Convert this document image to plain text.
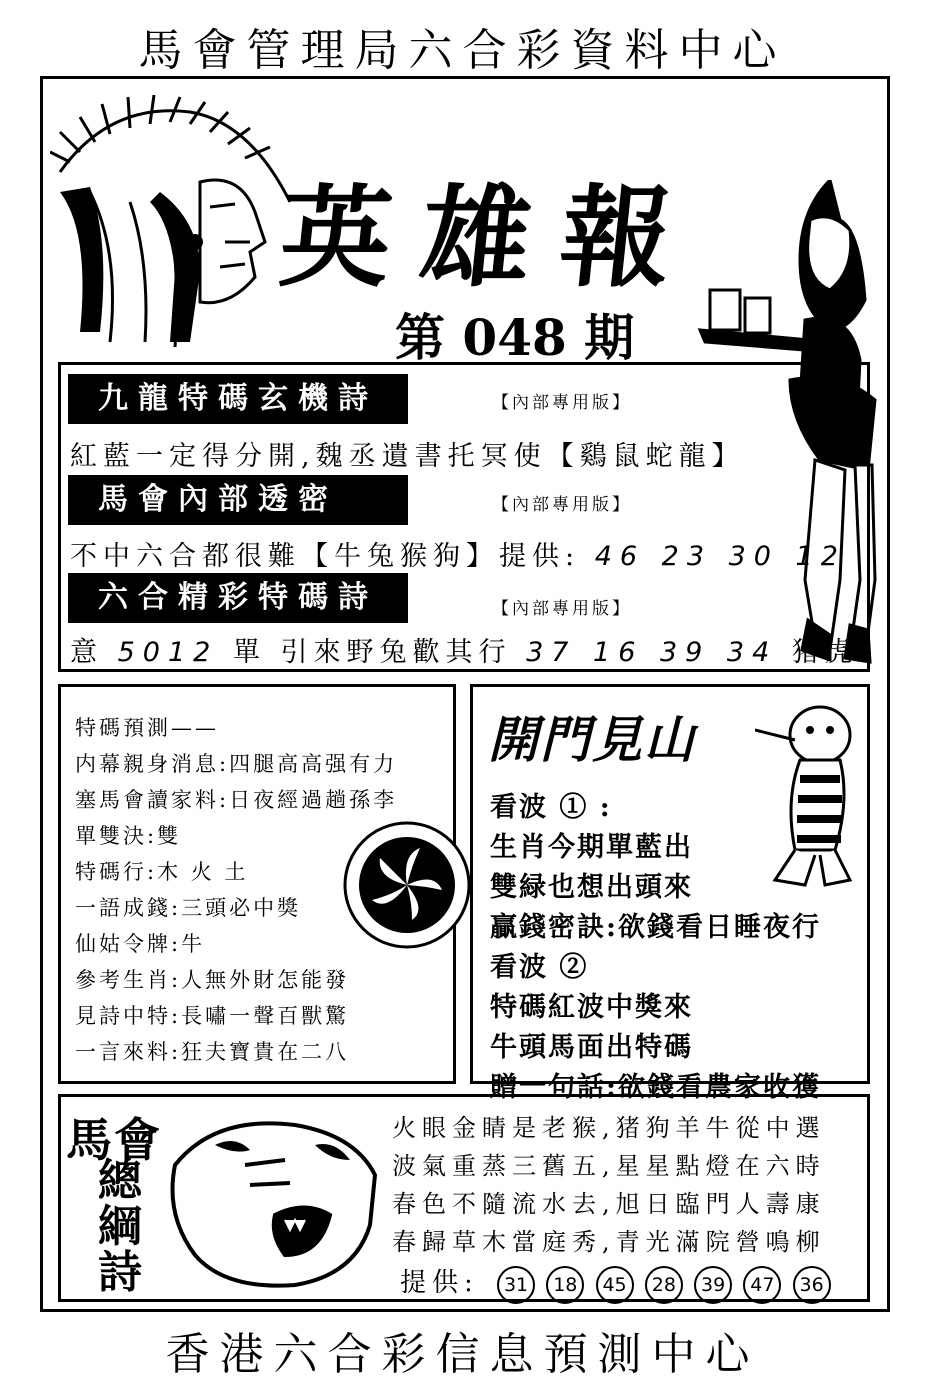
馬會管理局六合彩資料中心
英雄報
第 048 期
九龍特碼玄機詩	【內部專用版】
紅藍一定得分開,魏丞遺書托冥使【鷄鼠蛇龍】
馬會內部透密	【內部專用版】
不中六合都很難【牛兔猴狗】提供: 46 23 30 12
六合精彩特碼詩	【內部專用版】
意 5012 單 引來野兔歡其行 37 16 39 34 猪虎
特碼預測——
内幕親身消息:四腿高高强有力
塞馬會讀家料:日夜經過趟孫李
單雙決:雙
特碼行:木 火 土
一語成錢:三頭必中獎
仙姑令牌:牛
參考生肖:人無外財怎能發
見詩中特:長嘯一聲百獸驚
一言來料:狂夫寶貴在二八
開門見山
看波 ① :
生肖今期單藍出
雙緑也想出頭來
贏錢密訣:欲錢看日睡夜行
看波 ②
特碼紅波中獎來
牛頭馬面出特碼
贈一句話:欲錢看農家收獲
馬會
總綱詩
火眼金睛是老猴,猪狗羊牛從中選
波氣重蒸三舊五,星星點燈在六時
春色不隨流水去,旭日臨門人壽康
春歸草木當庭秀,青光滿院營鳴柳
提供: 31 18 45 28 39 47 36
香港六合彩信息預測中心
